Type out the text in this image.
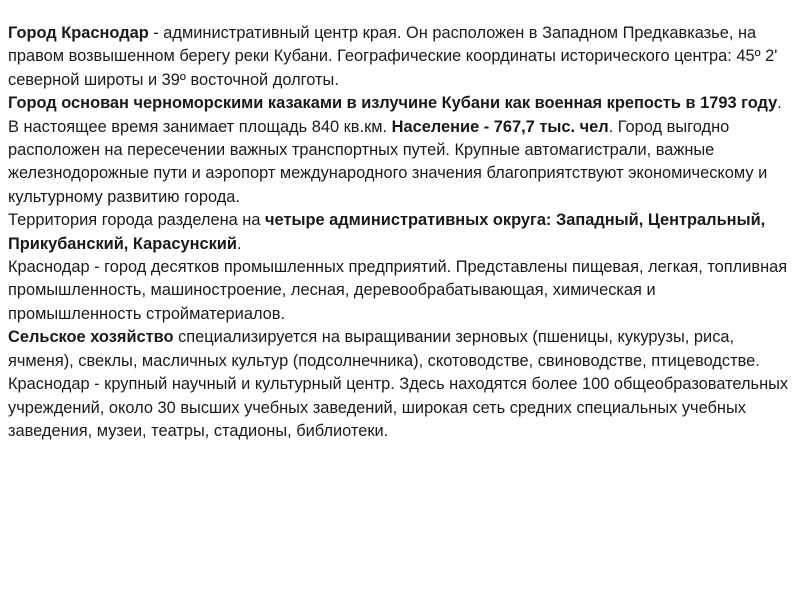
Город Краснодар - административный центр края. Он расположен в Западном Предкавказье, на правом возвышенном берегу реки Кубани. Географические координаты исторического центра: 45º 2' северной широты и 39º восточной долготы.

Город основан черноморскими казаками в излучине Кубани как военная крепость в 1793 году.

В настоящее время занимает площадь 840 кв.км. Население - 767,7 тыс. чел. Город выгодно расположен на пересечении важных транспортных путей. Крупные автомагистрали, важные железнодорожные пути и аэропорт международного значения благоприятствуют экономическому и культурному развитию города.

Территория города разделена на четыре административных округа: Западный, Центральный, Прикубанский, Карасунский.

Краснодар - город десятков промышленных предприятий. Представлены пищевая, легкая, топливная промышленность, машиностроение, лесная, деревообрабатывающая, химическая и промышленность стройматериалов.

Сельское хозяйство специализируется на выращивании зерновых (пшеницы, кукурузы, риса, ячменя), свеклы, масличных культур (подсолнечника), скотоводстве, свиноводстве, птицеводстве. Краснодар - крупный научный и культурный центр. Здесь находятся более 100 общеобразовательных учреждений, около 30 высших учебных заведений, широкая сеть средних специальных учебных заведения, музеи, театры, стадионы, библиотеки.
